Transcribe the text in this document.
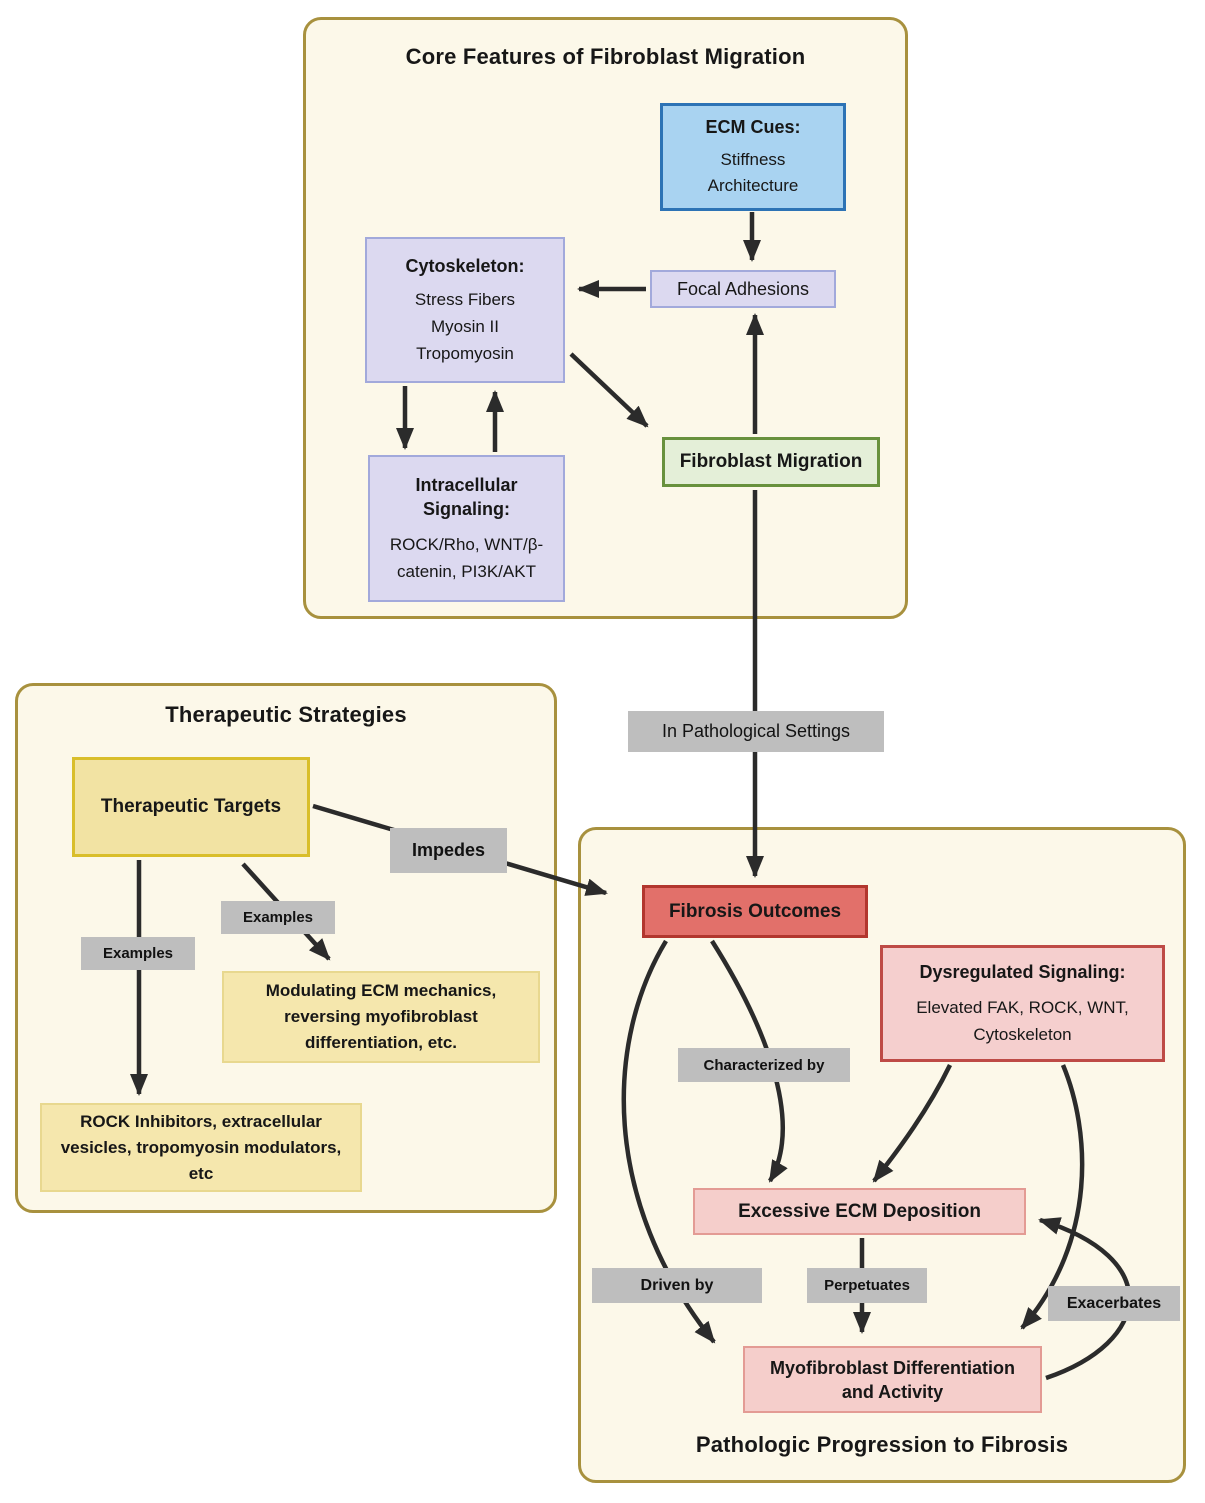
Core Features of Fibroblast Migration
Therapeutic Strategies
Pathologic Progression to Fibrosis
ECM Cues:
Stiffness
Architecture
Cytoskeleton:
Stress Fibers
Myosin II
Tropomyosin
Focal Adhesions
Fibroblast Migration
Intracellular Signaling:
ROCK/Rho, WNT/β-catenin, PI3K/AKT
In Pathological Settings
Therapeutic Targets
Impedes
Examples
Examples
Modulating ECM mechanics, reversing myofibroblast differentiation, etc.
ROCK Inhibitors, extracellular vesicles, tropomyosin modulators, etc
Fibrosis Outcomes
Dysregulated Signaling:
Elevated FAK, ROCK, WNT, Cytoskeleton
Characterized by
Excessive ECM Deposition
Driven by	Perpetuates
Exacerbates
Myofibroblast Differentiation and Activity
